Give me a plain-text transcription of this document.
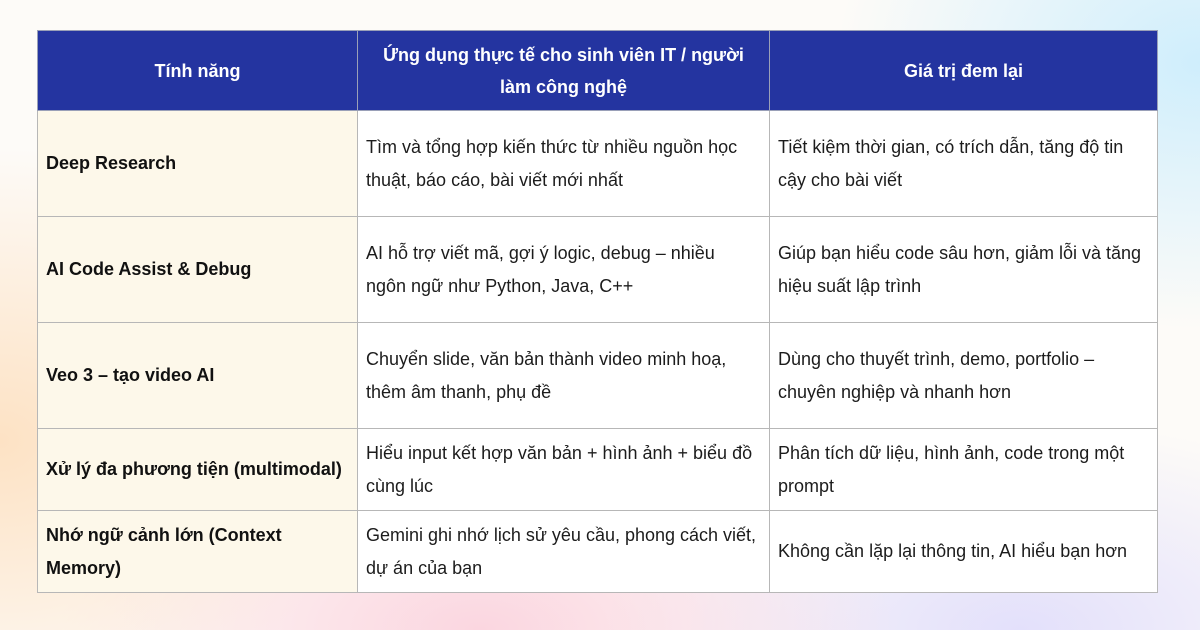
Tính năng	Ứng dụng thực tế cho sinh viên IT / người làm công nghệ	Giá trị đem lại
Deep Research	Tìm và tổng hợp kiến thức từ nhiều nguồn học thuật, báo cáo, bài viết mới nhất	Tiết kiệm thời gian, có trích dẫn, tăng độ tin cậy cho bài viết
AI Code Assist & Debug	AI hỗ trợ viết mã, gợi ý logic, debug – nhiều ngôn ngữ như Python, Java, C++	Giúp bạn hiểu code sâu hơn, giảm lỗi và tăng hiệu suất lập trình
Veo 3 – tạo video AI	Chuyển slide, văn bản thành video minh hoạ, thêm âm thanh, phụ đề	Dùng cho thuyết trình, demo, portfolio – chuyên nghiệp và nhanh hơn
Xử lý đa phương tiện (multimodal)	Hiểu input kết hợp văn bản + hình ảnh + biểu đồ cùng lúc	Phân tích dữ liệu, hình ảnh, code trong một prompt
Nhớ ngữ cảnh lớn (Context Memory)	Gemini ghi nhớ lịch sử yêu cầu, phong cách viết, dự án của bạn	Không cần lặp lại thông tin, AI hiểu bạn hơn
